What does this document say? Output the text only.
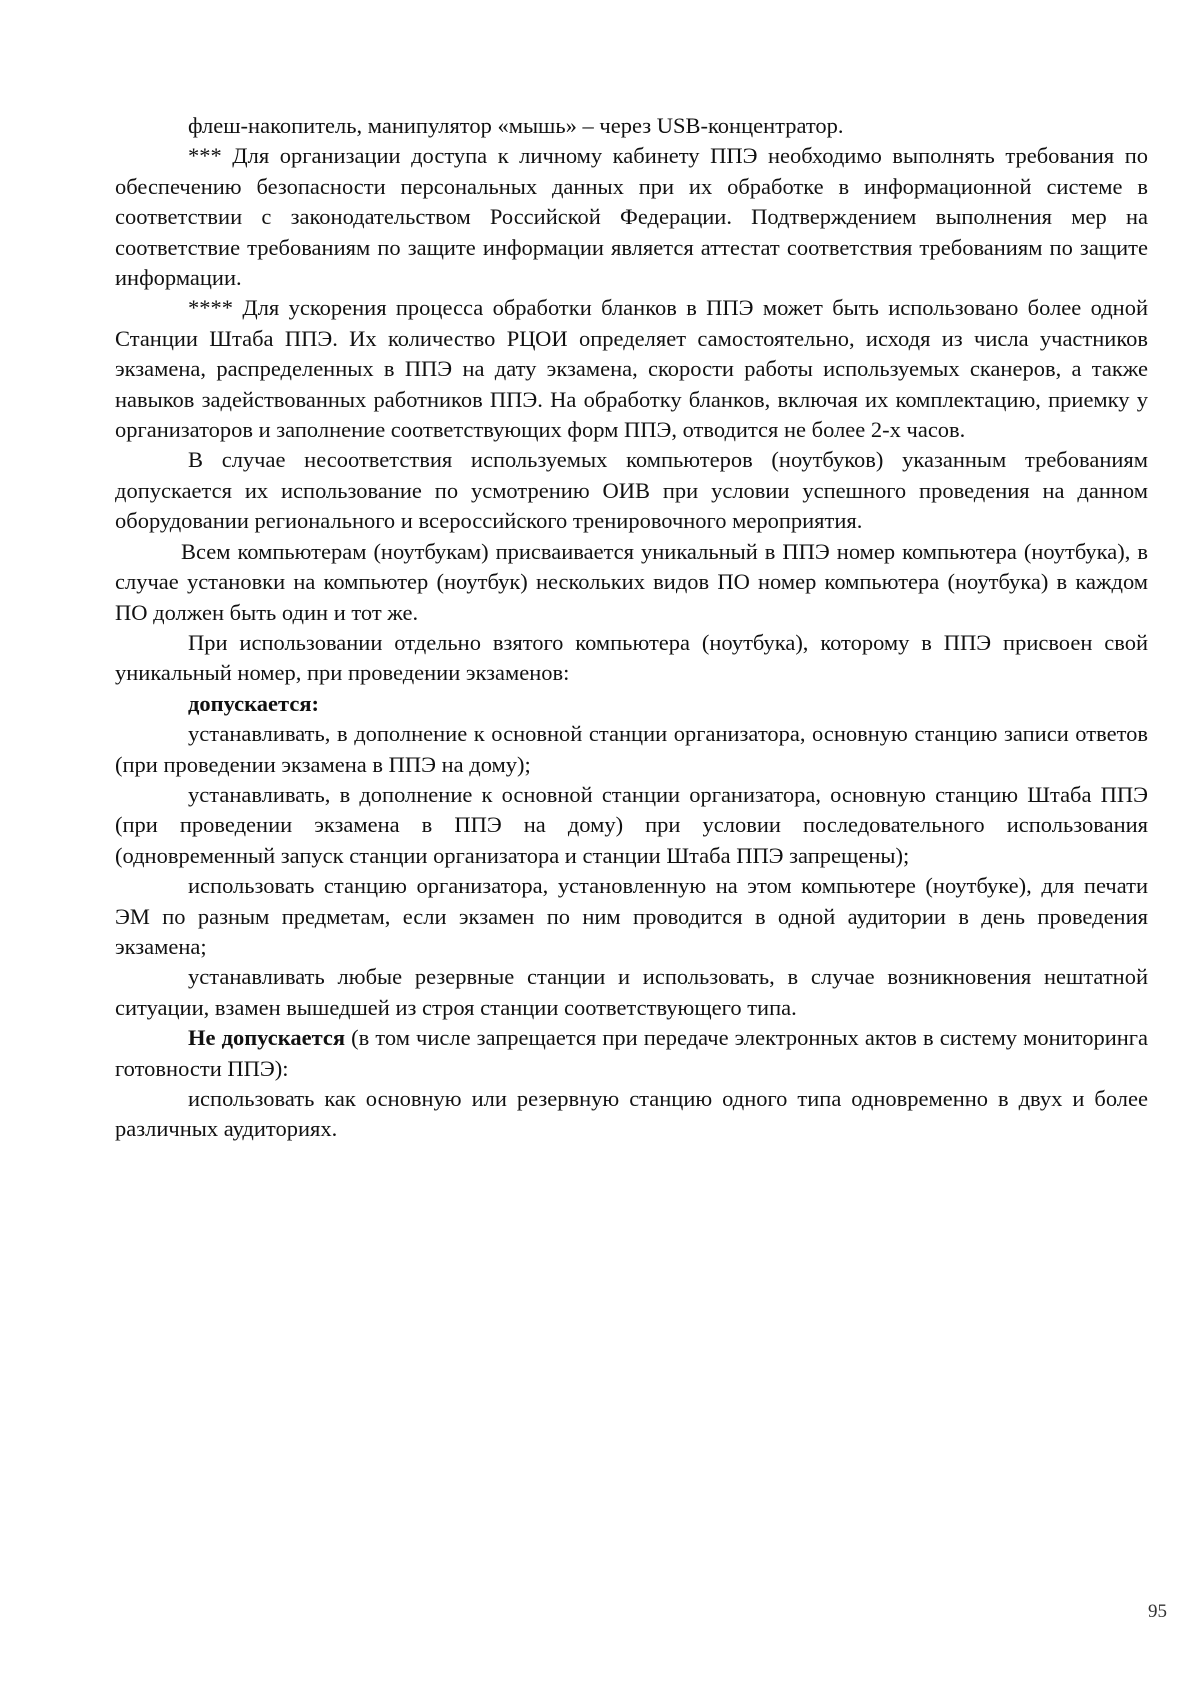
флеш-накопитель, манипулятор «мышь» – через USB-концентратор.

*** Для организации доступа к личному кабинету ППЭ необходимо выполнять требования по обеспечению безопасности персональных данных при их обработке в информационной системе в соответствии с законодательством Российской Федерации. Подтверждением выполнения мер на соответствие требованиям по защите информации является аттестат соответствия требованиям по защите информации.

**** Для ускорения процесса обработки бланков в ППЭ может быть использовано более одной Станции Штаба ППЭ. Их количество РЦОИ определяет самостоятельно, исходя из числа участников экзамена, распределенных в ППЭ на дату экзамена, скорости работы используемых сканеров, а также навыков задействованных работников ППЭ. На обработку бланков, включая их комплектацию, приемку у организаторов и заполнение соответствующих форм ППЭ, отводится не более 2-х часов.

В случае несоответствия используемых компьютеров (ноутбуков) указанным требованиям допускается их использование по усмотрению ОИВ при условии успешного проведения на данном оборудовании регионального и всероссийского тренировочного мероприятия.

Всем компьютерам (ноутбукам) присваивается уникальный в ППЭ номер компьютера (ноутбука), в случае установки на компьютер (ноутбук) нескольких видов ПО номер компьютера (ноутбука) в каждом ПО должен быть один и тот же.

При использовании отдельно взятого компьютера (ноутбука), которому в ППЭ присвоен свой уникальный номер, при проведении экзаменов:

допускается:

устанавливать, в дополнение к основной станции организатора, основную станцию записи ответов (при проведении экзамена в ППЭ на дому);

устанавливать, в дополнение к основной станции организатора, основную станцию Штаба ППЭ (при проведении экзамена в ППЭ на дому) при условии последовательного использования (одновременный запуск станции организатора и станции Штаба ППЭ запрещены);

использовать станцию организатора, установленную на этом компьютере (ноутбуке), для печати ЭМ по разным предметам, если экзамен по ним проводится в одной аудитории в день проведения экзамена;

устанавливать любые резервные станции и использовать, в случае возникновения нештатной ситуации, взамен вышедшей из строя станции соответствующего типа.

Не допускается (в том числе запрещается при передаче электронных актов в систему мониторинга готовности ППЭ):

использовать как основную или резервную станцию одного типа одновременно в двух и более различных аудиториях.

95
